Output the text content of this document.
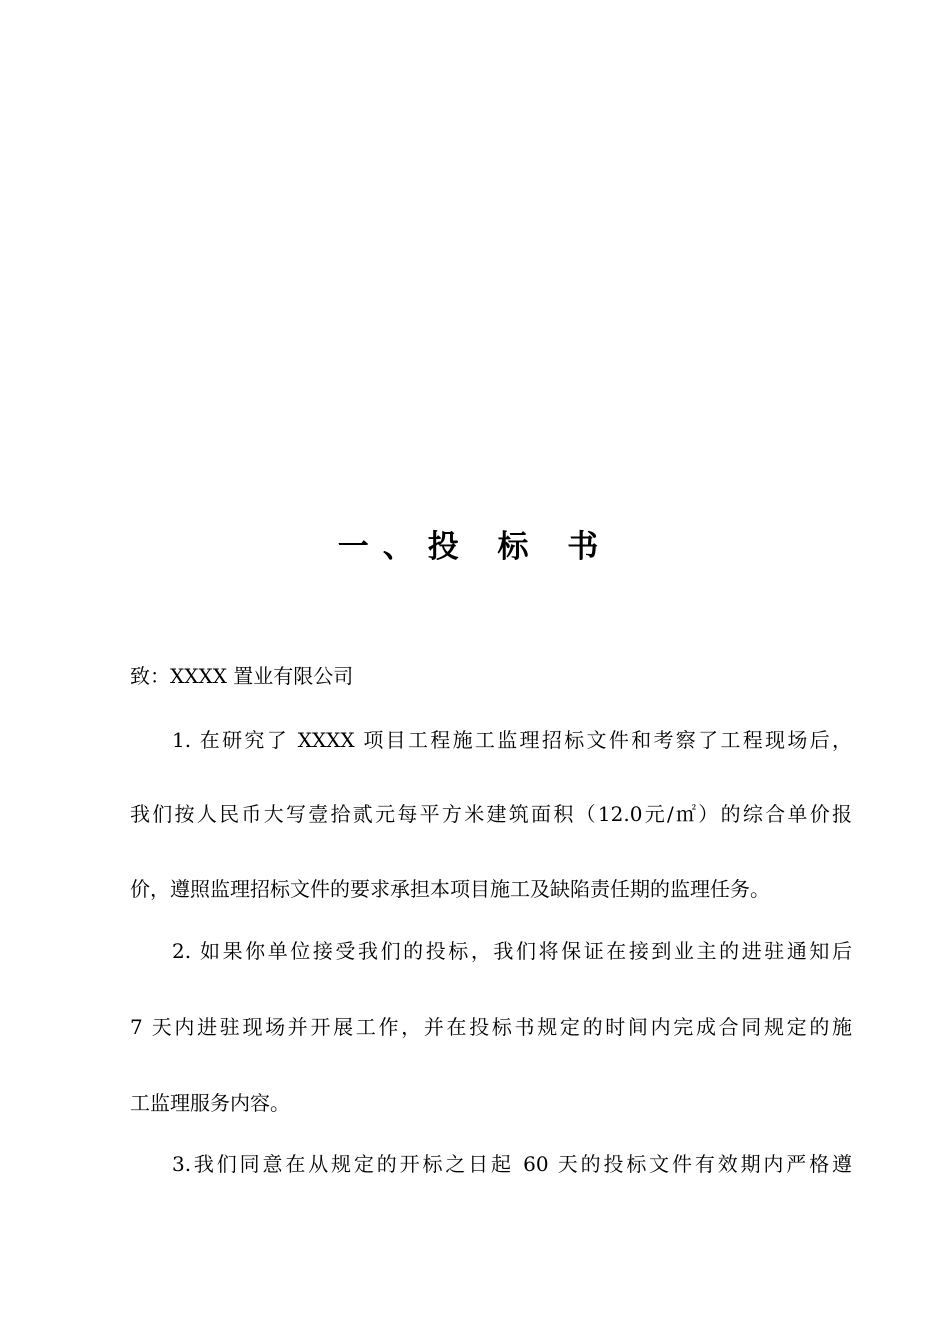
一、投 标 书
致：XXXX 置业有限公司
1. 在研究了 XXXX 项目工程施工监理招标文件和考察了工程现场后，
我们按人民币大写壹拾贰元每平方米建筑面积（12.0元/㎡）的综合单价报
价，遵照监理招标文件的要求承担本项目施工及缺陷责任期的监理任务。
2. 如果你单位接受我们的投标，我们将保证在接到业主的进驻通知后
7 天内进驻现场并开展工作，并在投标书规定的时间内完成合同规定的施
工监理服务内容。
3.我们同意在从规定的开标之日起 60 天的投标文件有效期内严格遵
